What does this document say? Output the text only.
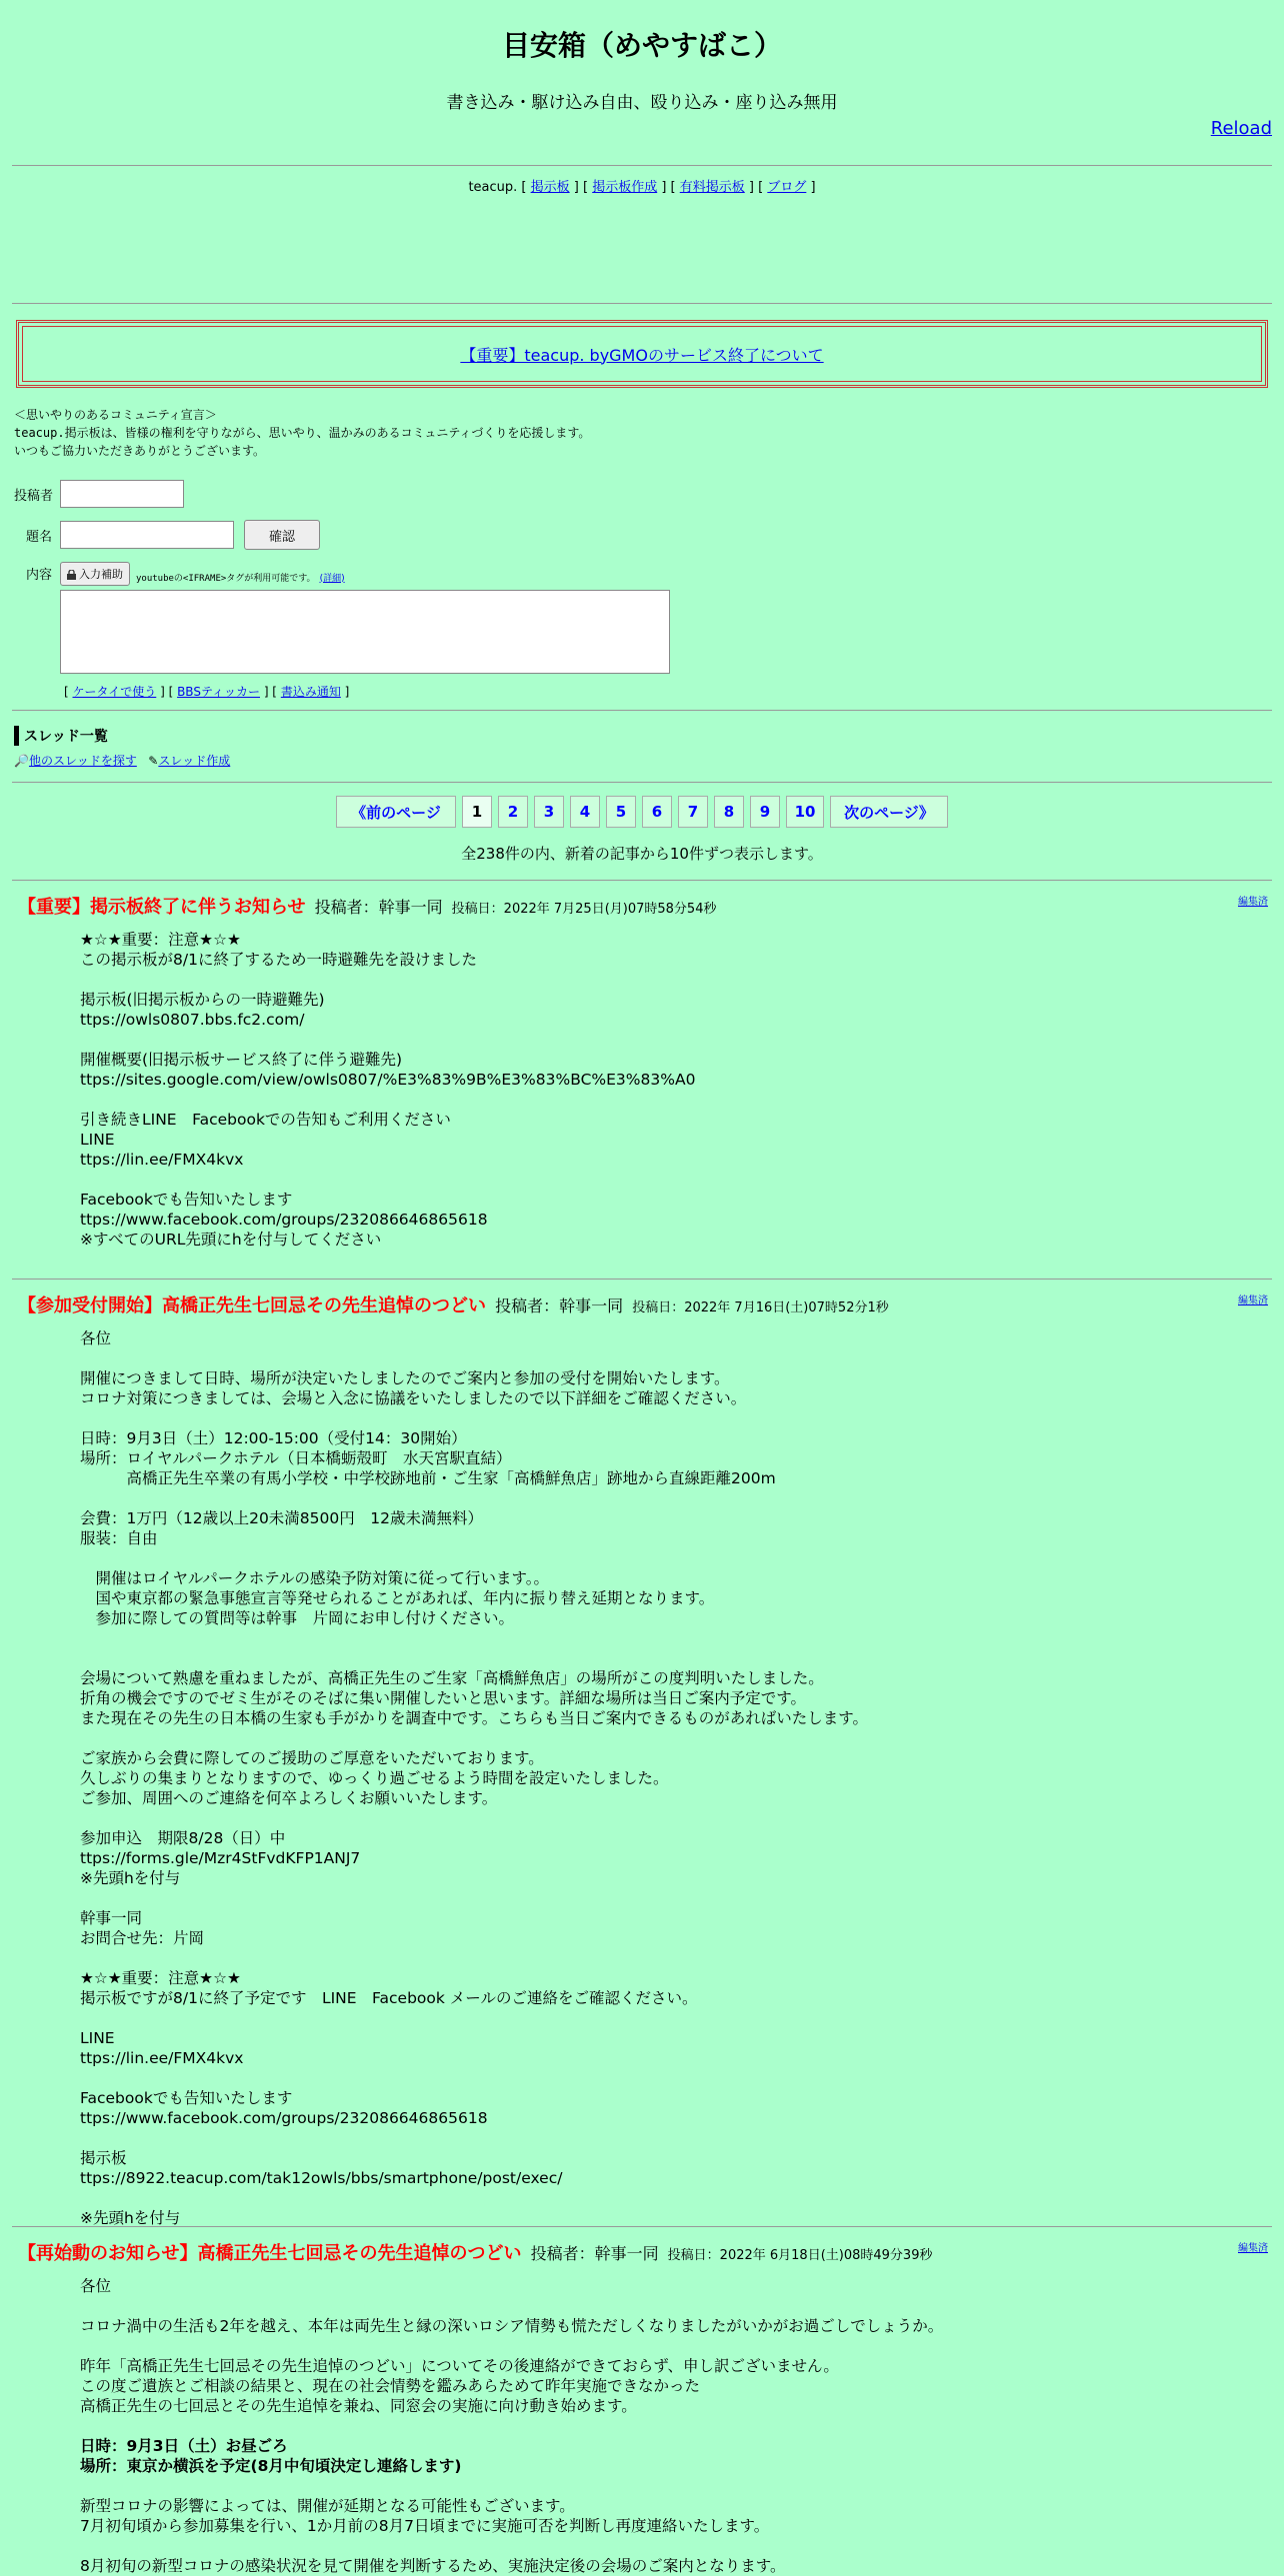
目安箱（めやすばこ）
書き込み・駆け込み自由、殴り込み・座り込み無用
Reload
teacup. [ 掲示板 ] [ 掲示板作成 ] [ 有料掲示板 ] [ ブログ ]
【重要】teacup. byGMOのサービス終了について
＜思いやりのあるコミュニティ宣言＞
teacup.掲示板は、皆様の権利を守りながら、思いやり、温かみのあるコミュニティづくりを応援します。
いつもご協力いただきありがとうございます。
投稿者
題名	確認
内容	入力補助 youtubeの<IFRAME>タグが利用可能です。 (詳細)
[ ケータイで使う ] [ BBSティッカー ] [ 書込み通知 ]
スレッド一覧
🔎他のスレッドを探す ✎スレッド作成
《前のページ	1	2	3	4	5	6	7	8	9	10	次のページ》
全238件の内、新着の記事から10件ずつ表示します。
編集済
【重要】掲示板終了に伴うお知らせ 投稿者：幹事一同 投稿日：2022年 7月25日(月)07時58分54秒
★☆★重要：注意★☆★
この掲示板が8/1に終了するため一時避難先を設けました

掲示板(旧掲示板からの一時避難先)
ttps://owls0807.bbs.fc2.com/

開催概要(旧掲示板サービス終了に伴う避難先)
ttps://sites.google.com/view/owls0807/%E3%83%9B%E3%83%BC%E3%83%A0

引き続きLINE　Facebookでの告知もご利用ください
LINE
ttps://lin.ee/FMX4kvx

Facebookでも告知いたします
ttps://www.facebook.com/groups/232086646865618
※すべてのURL先頭にhを付与してください
編集済
【参加受付開始】高橋正先生七回忌その先生追悼のつどい 投稿者：幹事一同 投稿日：2022年 7月16日(土)07時52分1秒
各位

開催につきまして日時、場所が決定いたしましたのでご案内と参加の受付を開始いたします。
コロナ対策につきましては、会場と入念に協議をいたしましたので以下詳細をご確認ください。

日時：9月3日（土）12:00-15:00（受付14：30開始）
場所：ロイヤルパークホテル（日本橋蛎殻町　水天宮駅直結）
　　　高橋正先生卒業の有馬小学校・中学校跡地前・ご生家「高橋鮮魚店」跡地から直線距離200m

会費：1万円（12歳以上20未満8500円　12歳未満無料）
服装：自由

　開催はロイヤルパークホテルの感染予防対策に従って行います。。
　国や東京都の緊急事態宣言等発せられることがあれば、年内に振り替え延期となります。
　参加に際しての質問等は幹事　片岡にお申し付けください。

会場について熟慮を重ねましたが、高橋正先生のご生家「高橋鮮魚店」の場所がこの度判明いたしました。
折角の機会ですのでゼミ生がそのそばに集い開催したいと思います。詳細な場所は当日ご案内予定です。
また現在その先生の日本橋の生家も手がかりを調査中です。こちらも当日ご案内できるものがあればいたします。

ご家族から会費に際してのご援助のご厚意をいただいております。
久しぶりの集まりとなりますので、ゆっくり過ごせるよう時間を設定いたしました。
ご参加、周囲へのご連絡を何卒よろしくお願いいたします。

参加申込　期限8/28（日）中
ttps://forms.gle/Mzr4StFvdKFP1ANJ7
※先頭hを付与

幹事一同
お問合せ先：片岡

★☆★重要：注意★☆★
掲示板ですが8/1に終了予定です　LINE　Facebook メールのご連絡をご確認ください。

LINE
ttps://lin.ee/FMX4kvx

Facebookでも告知いたします
ttps://www.facebook.com/groups/232086646865618

掲示板
ttps://8922.teacup.com/tak12owls/bbs/smartphone/post/exec/

※先頭hを付与
編集済
【再始動のお知らせ】高橋正先生七回忌その先生追悼のつどい 投稿者：幹事一同 投稿日：2022年 6月18日(土)08時49分39秒
各位

コロナ渦中の生活も2年を越え、本年は両先生と縁の深いロシア情勢も慌ただしくなりましたがいかがお過ごしでしょうか。

昨年「高橋正先生七回忌その先生追悼のつどい」についてその後連絡ができておらず、申し訳ございません。
この度ご遺族とご相談の結果と、現在の社会情勢を鑑みあらためて昨年実施できなかった
高橋正先生の七回忌とその先生追悼を兼ね、同窓会の実施に向け動き始めます。
日時：9月3日（土）お昼ごろ
場所：東京か横浜を予定(8月中旬頃決定し連絡します)
新型コロナの影響によっては、開催が延期となる可能性もございます。
7月初旬頃から参加募集を行い、1か月前の8月7日頃までに実施可否を判断し再度連絡いたします。

8月初旬の新型コロナの感染状況を見て開催を判断するため、実施決定後の会場のご案内となります。
